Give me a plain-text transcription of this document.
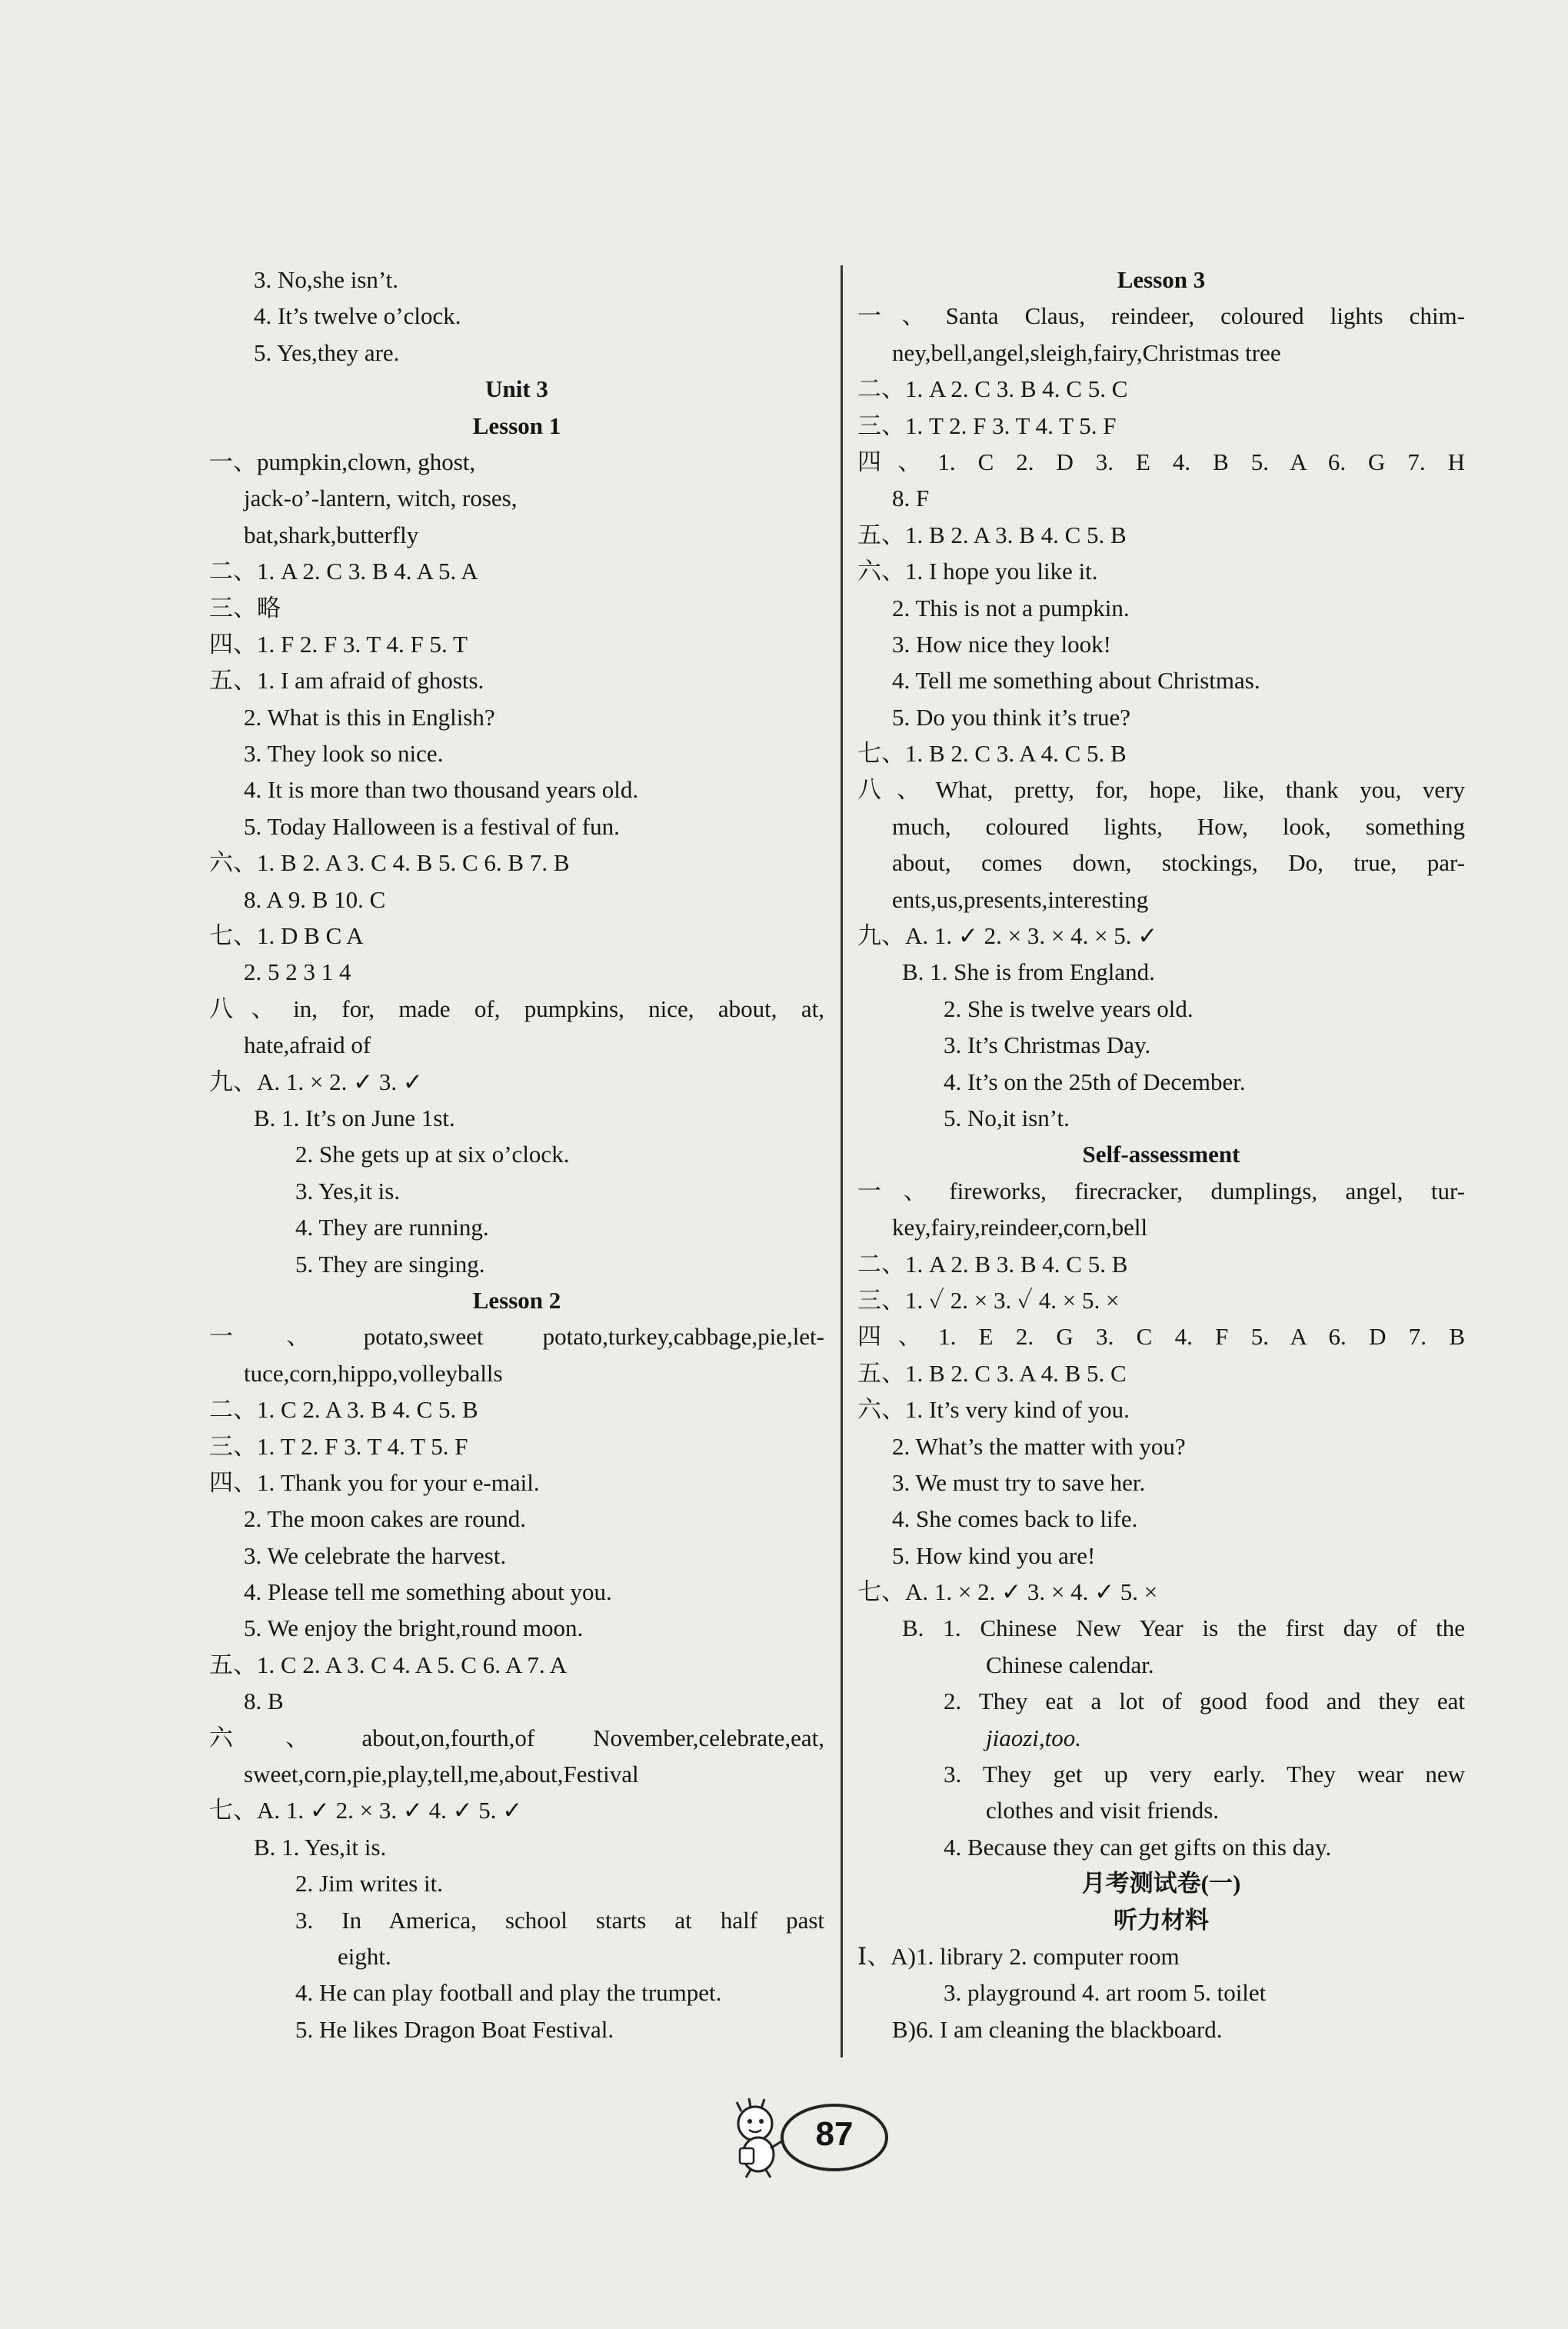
3. No,she isn’t.
4. It’s twelve o’clock.
5. Yes,they are.
Unit 3
Lesson 1
一、pumpkin,clown, ghost,
jack-o’-lantern, witch, roses,
bat,shark,butterfly
二、1. A 2. C 3. B 4. A 5. A
三、略
四、1. F 2. F 3. T 4. F 5. T
五、1. I am afraid of ghosts.
2. What is this in English?
3. They look so nice.
4. It is more than two thousand years old.
5. Today Halloween is a festival of fun.
六、1. B 2. A 3. C 4. B 5. C 6. B 7. B
8. A 9. B 10. C
七、1. D B C A
2. 5 2 3 1 4
八、in, for, made of, pumpkins, nice, about, at,
hate,afraid of
九、A. 1. × 2. ✓ 3. ✓
B. 1. It’s on June 1st.
2. She gets up at six o’clock.
3. Yes,it is.
4. They are running.
5. They are singing.
Lesson 2
一、potato,sweet potato,turkey,cabbage,pie,let-
tuce,corn,hippo,volleyballs
二、1. C 2. A 3. B 4. C 5. B
三、1. T 2. F 3. T 4. T 5. F
四、1. Thank you for your e-mail.
2. The moon cakes are round.
3. We celebrate the harvest.
4. Please tell me something about you.
5. We enjoy the bright,round moon.
五、1. C 2. A 3. C 4. A 5. C 6. A 7. A
8. B
六、about,on,fourth,of November,celebrate,eat,
sweet,corn,pie,play,tell,me,about,Festival
七、A. 1. ✓ 2. × 3. ✓ 4. ✓ 5. ✓
B. 1. Yes,it is.
2. Jim writes it.
3. In America, school starts at half past
eight.
4. He can play football and play the trumpet.
5. He likes Dragon Boat Festival.
Lesson 3
一、Santa Claus, reindeer, coloured lights chim-
ney,bell,angel,sleigh,fairy,Christmas tree
二、1. A 2. C 3. B 4. C 5. C
三、1. T 2. F 3. T 4. T 5. F
四、1. C 2. D 3. E 4. B 5. A 6. G 7. H
8. F
五、1. B 2. A 3. B 4. C 5. B
六、1. I hope you like it.
2. This is not a pumpkin.
3. How nice they look!
4. Tell me something about Christmas.
5. Do you think it’s true?
七、1. B 2. C 3. A 4. C 5. B
八、What, pretty, for, hope, like, thank you, very
much, coloured lights, How, look, something
about, comes down, stockings, Do, true, par-
ents,us,presents,interesting
九、A. 1. ✓ 2. × 3. × 4. × 5. ✓
B. 1. She is from England.
2. She is twelve years old.
3. It’s Christmas Day.
4. It’s on the 25th of December.
5. No,it isn’t.
Self-assessment
一、fireworks, firecracker, dumplings, angel, tur-
key,fairy,reindeer,corn,bell
二、1. A 2. B 3. B 4. C 5. B
三、1. ✓ 2. × 3. ✓ 4. × 5. ×
四、1. E 2. G 3. C 4. F 5. A 6. D 7. B
五、1. B 2. C 3. A 4. B 5. C
六、1. It’s very kind of you.
2. What’s the matter with you?
3. We must try to save her.
4. She comes back to life.
5. How kind you are!
七、A. 1. × 2. ✓ 3. × 4. ✓ 5. ×
B. 1. Chinese New Year is the first day of the
Chinese calendar.
2. They eat a lot of good food and they eat
jiaozi,too.
3. They get up very early. They wear new
clothes and visit friends.
4. Because they can get gifts on this day.
月考测试卷(一)
听力材料
Ⅰ、A)1. library 2. computer room
3. playground 4. art room 5. toilet
B)6. I am cleaning the blackboard.
87
